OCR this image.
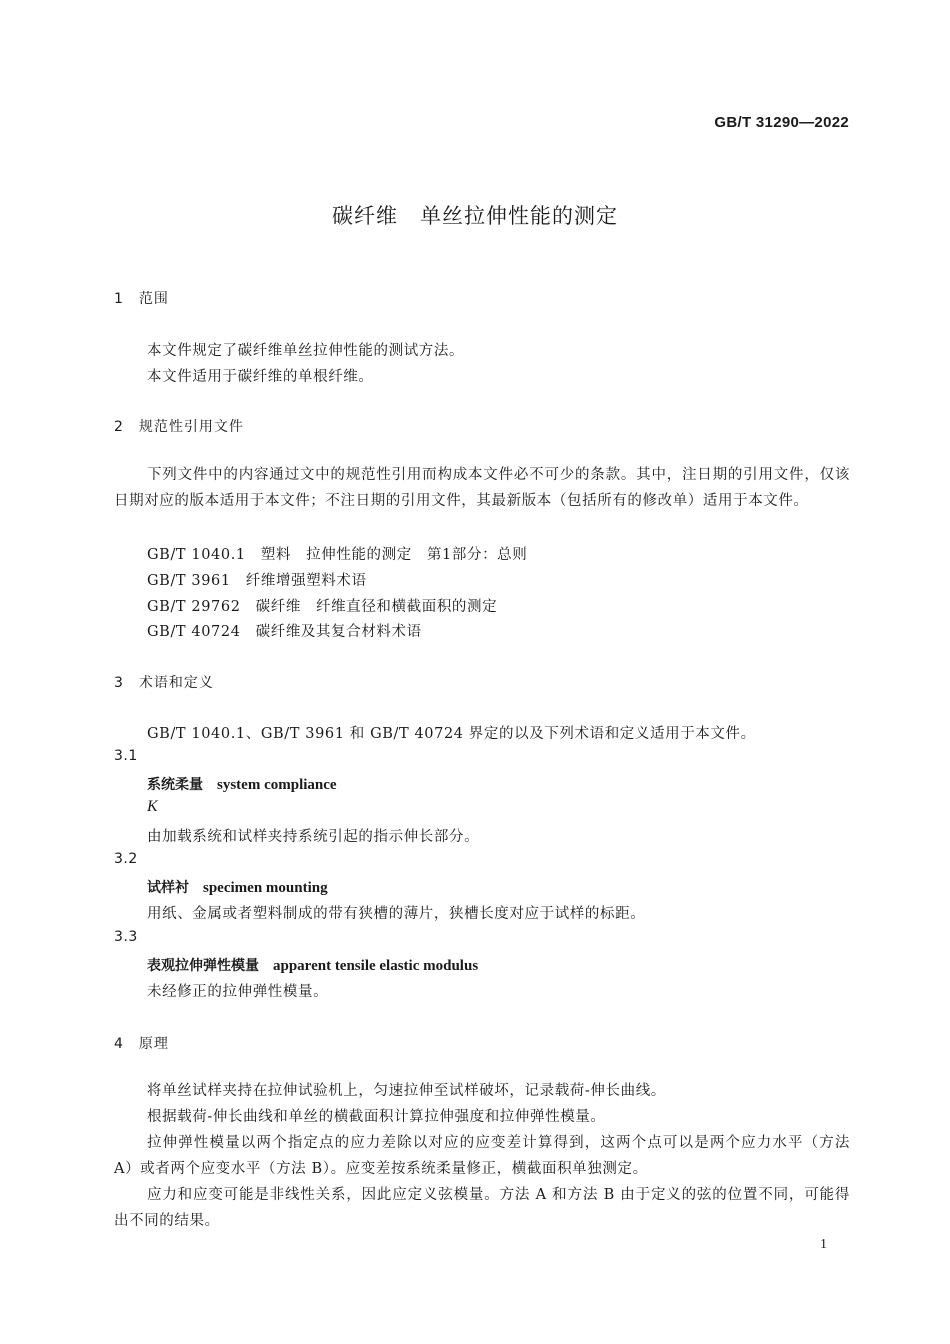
GB/T 31290—2022
碳纤维　单丝拉伸性能的测定
1　范围
本文件规定了碳纤维单丝拉伸性能的测试方法。
本文件适用于碳纤维的单根纤维。
2　规范性引用文件

下列文件中的内容通过文中的规范性引用而构成本文件必不可少的条款。其中，注日期的引用文件，仅该日期对应的版本适用于本文件；不注日期的引用文件，其最新版本（包括所有的修改单）适用于本文件。

GB/T 1040.1　塑料　拉伸性能的测定　第1部分：总则
GB/T 3961　纤维增强塑料术语
GB/T 29762　碳纤维　纤维直径和横截面积的测定
GB/T 40724　碳纤维及其复合材料术语
3　术语和定义
GB/T 1040.1、GB/T 3961 和 GB/T 40724 界定的以及下列术语和定义适用于本文件。
3.1
系统柔量　 system compliance
K
由加载系统和试样夹持系统引起的指示伸长部分。
3.2
试样衬　 specimen mounting
用纸、金属或者塑料制成的带有狭槽的薄片，狭槽长度对应于试样的标距。
3.3
表观拉伸弹性模量　 apparent tensile elastic modulus
未经修正的拉伸弹性模量。
4　原理

将单丝试样夹持在拉伸试验机上，匀速拉伸至试样破坏，记录载荷-伸长曲线。

根据载荷-伸长曲线和单丝的横截面积计算拉伸强度和拉伸弹性模量。

拉伸弹性模量以两个指定点的应力差除以对应的应变差计算得到，这两个点可以是两个应力水平（方法 A）或者两个应变水平（方法 B）。应变差按系统柔量修正，横截面积单独测定。

应力和应变可能是非线性关系，因此应定义弦模量。方法 A 和方法 B 由于定义的弦的位置不同，可能得出不同的结果。

1
